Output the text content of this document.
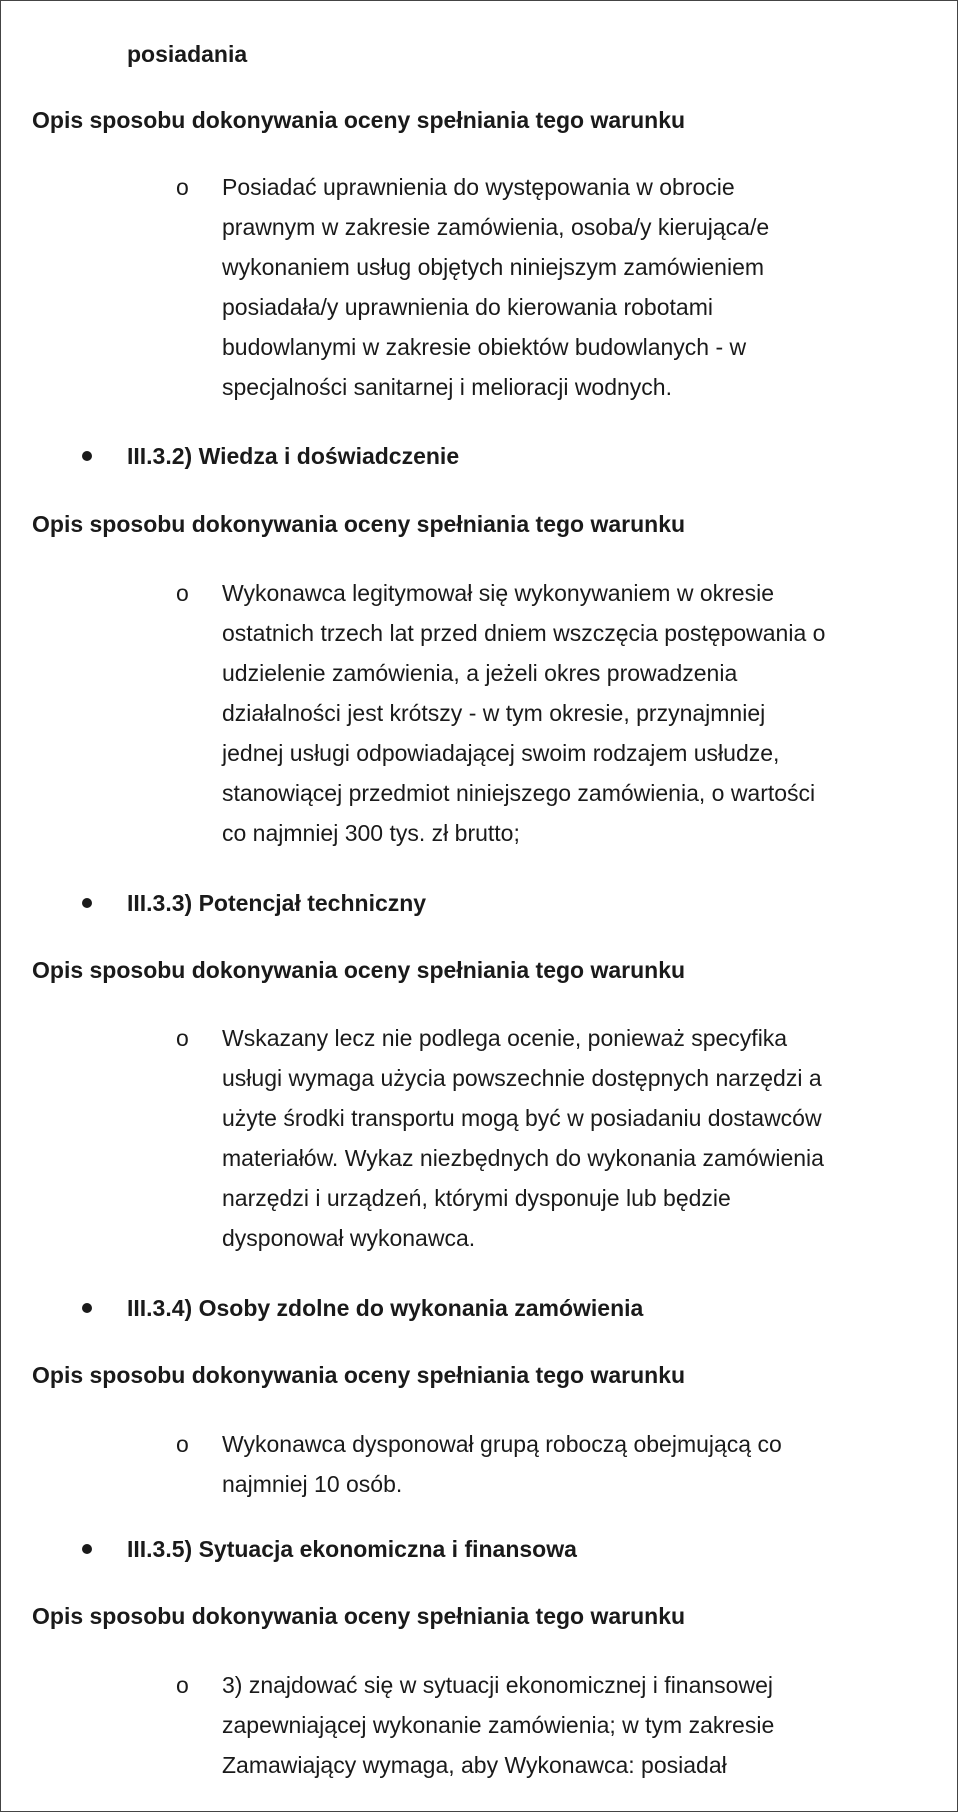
posiadania
Opis sposobu dokonywania oceny spełniania tego warunku
o Posiadać uprawnienia do występowania w obrocie
prawnym w zakresie zamówienia, osoba/y kierująca/e
wykonaniem usług objętych niniejszym zamówieniem
posiadała/y uprawnienia do kierowania robotami
budowlanymi w zakresie obiektów budowlanych - w
specjalności sanitarnej i melioracji wodnych.
III.3.2) Wiedza i doświadczenie
Opis sposobu dokonywania oceny spełniania tego warunku
o Wykonawca legitymował się wykonywaniem w okresie
ostatnich trzech lat przed dniem wszczęcia postępowania o
udzielenie zamówienia, a jeżeli okres prowadzenia
działalności jest krótszy - w tym okresie, przynajmniej
jednej usługi odpowiadającej swoim rodzajem usłudze,
stanowiącej przedmiot niniejszego zamówienia, o wartości
co najmniej 300 tys. zł brutto;
III.3.3) Potencjał techniczny
Opis sposobu dokonywania oceny spełniania tego warunku
o Wskazany lecz nie podlega ocenie, ponieważ specyfika
usługi wymaga użycia powszechnie dostępnych narzędzi a
użyte środki transportu mogą być w posiadaniu dostawców
materiałów. Wykaz niezbędnych do wykonania zamówienia
narzędzi i urządzeń, którymi dysponuje lub będzie
dysponował wykonawca.
III.3.4) Osoby zdolne do wykonania zamówienia
Opis sposobu dokonywania oceny spełniania tego warunku
o Wykonawca dysponował grupą roboczą obejmującą co
najmniej 10 osób.
III.3.5) Sytuacja ekonomiczna i finansowa
Opis sposobu dokonywania oceny spełniania tego warunku
o 3) znajdować się w sytuacji ekonomicznej i finansowej
zapewniającej wykonanie zamówienia; w tym zakresie
Zamawiający wymaga, aby Wykonawca: posiadał
